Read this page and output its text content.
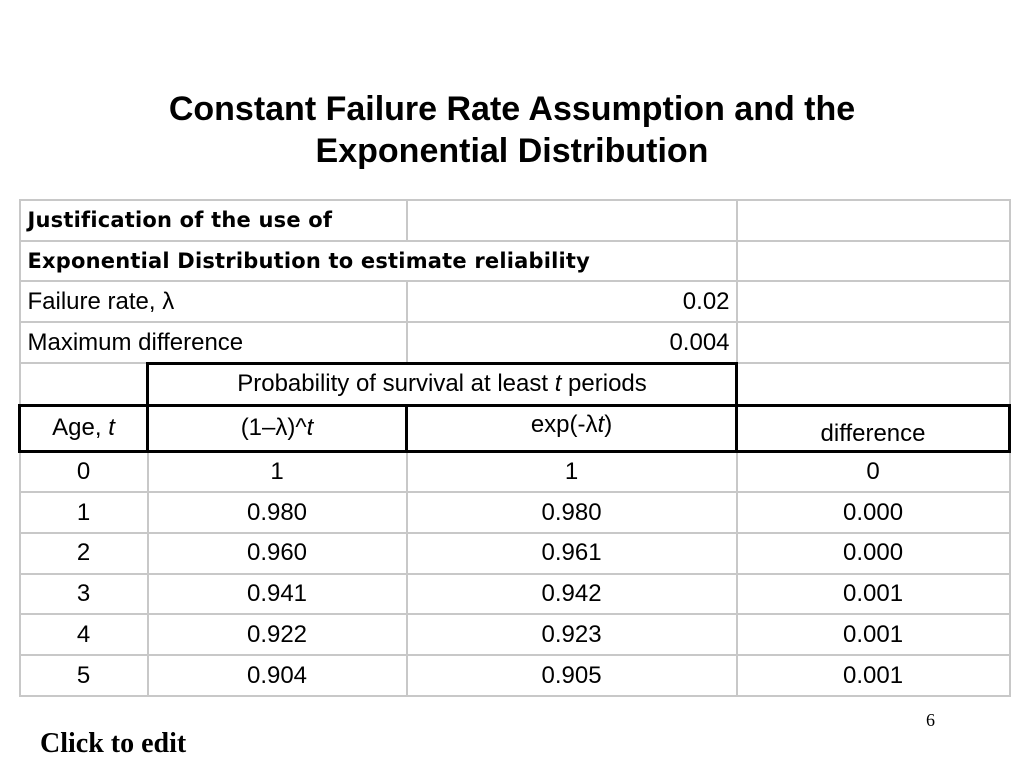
Constant Failure Rate Assumption and the
Exponential Distribution
Justification of the use of			
Exponential Distribution to estimate reliability			
Failure rate, λ		0.02	
Maximum difference		0.004	
	Probability of survival at least t periods		
Age, t	(1–λ)^t	exp(-λt)	difference
0	1	1	0
1	0.980	0.980	0.000
2	0.960	0.961	0.000
3	0.941	0.942	0.001
4	0.922	0.923	0.001
5	0.904	0.905	0.001
6
Click to edit
